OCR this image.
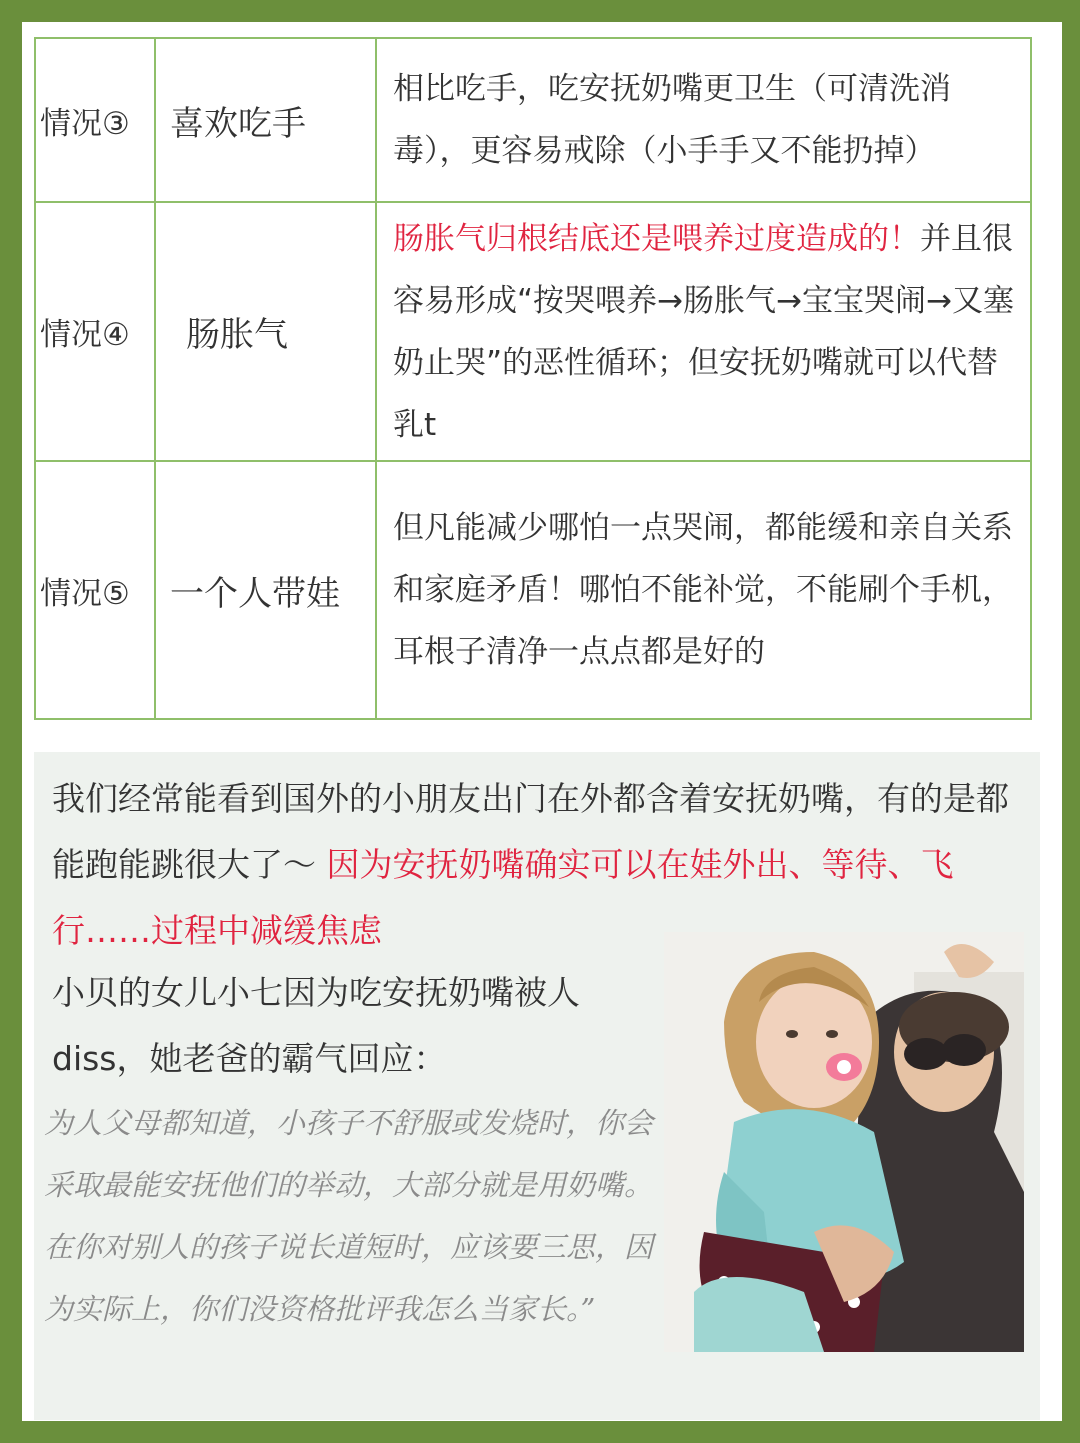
情况③	喜欢吃手	相比吃手，吃安抚奶嘴更卫生（可清洗消毒），更容易戒除（小手手又不能扔掉）
情况④	肠胀气	肠胀气归根结底还是喂养过度造成的！并且很容易形成“按哭喂养→肠胀气→宝宝哭闹→又塞奶止哭”的恶性循环；但安抚奶嘴就可以代替乳t
情况⑤	一个人带娃	但凡能减少哪怕一点哭闹，都能缓和亲自关系和家庭矛盾！哪怕不能补觉，不能刷个手机，耳根子清净一点点都是好的

我们经常能看到国外的小朋友出门在外都含着安抚奶嘴，有的是都能跑能跳很大了～ 因为安抚奶嘴确实可以在娃外出、等待、飞行……过程中减缓焦虑

小贝的女儿小七因为吃安抚奶嘴被人diss，她老爸的霸气回应：

为人父母都知道，小孩子不舒服或发烧时，你会采取最能安抚他们的举动，大部分就是用奶嘴。在你对别人的孩子说长道短时，应该要三思，因为实际上，你们没资格批评我怎么当家长。”
